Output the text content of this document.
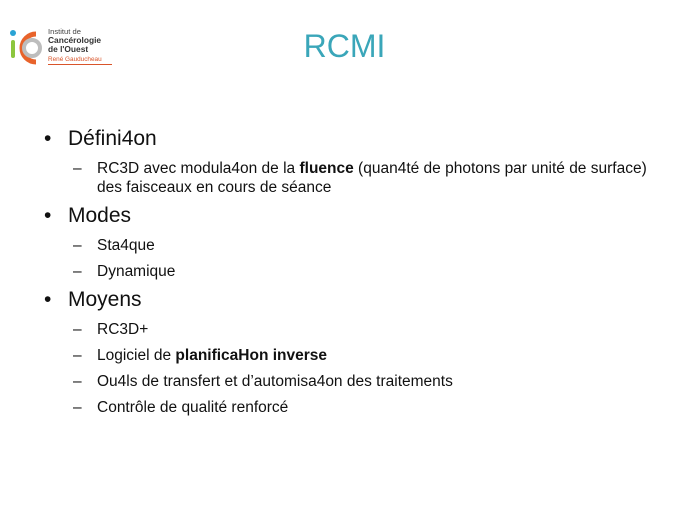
Institut de
Cancérologie
de l'Ouest
René Gauducheau	RCMI
• Défini4on
– RC3D avec modula4on de la fluence (quan4té de photons par unité de surface) des faisceaux en cours de séance
• Modes
– Sta4que
– Dynamique
• Moyens
– RC3D+
– Logiciel de planificaHon inverse
– Ou4ls de transfert et d’automisa4on des traitements
– Contrôle de qualité renforcé
